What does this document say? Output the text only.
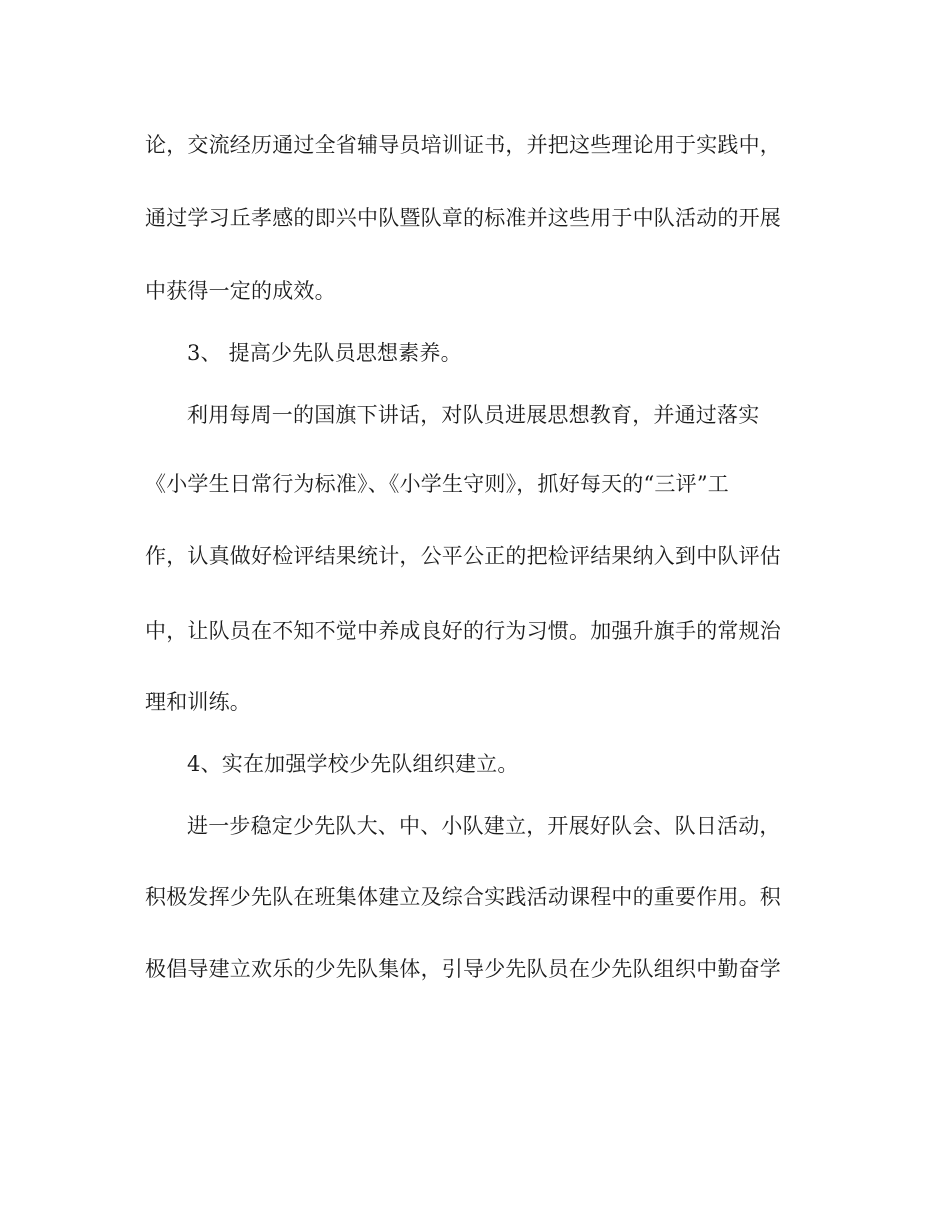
论，交流经历通过全省辅导员培训证书，并把这些理论用于实践中，
通过学习丘孝感的即兴中队暨队章的标准并这些用于中队活动的开展
中获得一定的成效。
3、 提高少先队员思想素养。
利用每周一的国旗下讲话，对队员进展思想教育，并通过落实
《小学生日常行为标准》、《小学生守则》，抓好每天的“三评”工
作，认真做好检评结果统计，公平公正的把检评结果纳入到中队评估
中，让队员在不知不觉中养成良好的行为习惯。加强升旗手的常规治
理和训练。
4、实在加强学校少先队组织建立。
进一步稳定少先队大、中、小队建立，开展好队会、队日活动，
积极发挥少先队在班集体建立及综合实践活动课程中的重要作用。积
极倡导建立欢乐的少先队集体，引导少先队员在少先队组织中勤奋学
